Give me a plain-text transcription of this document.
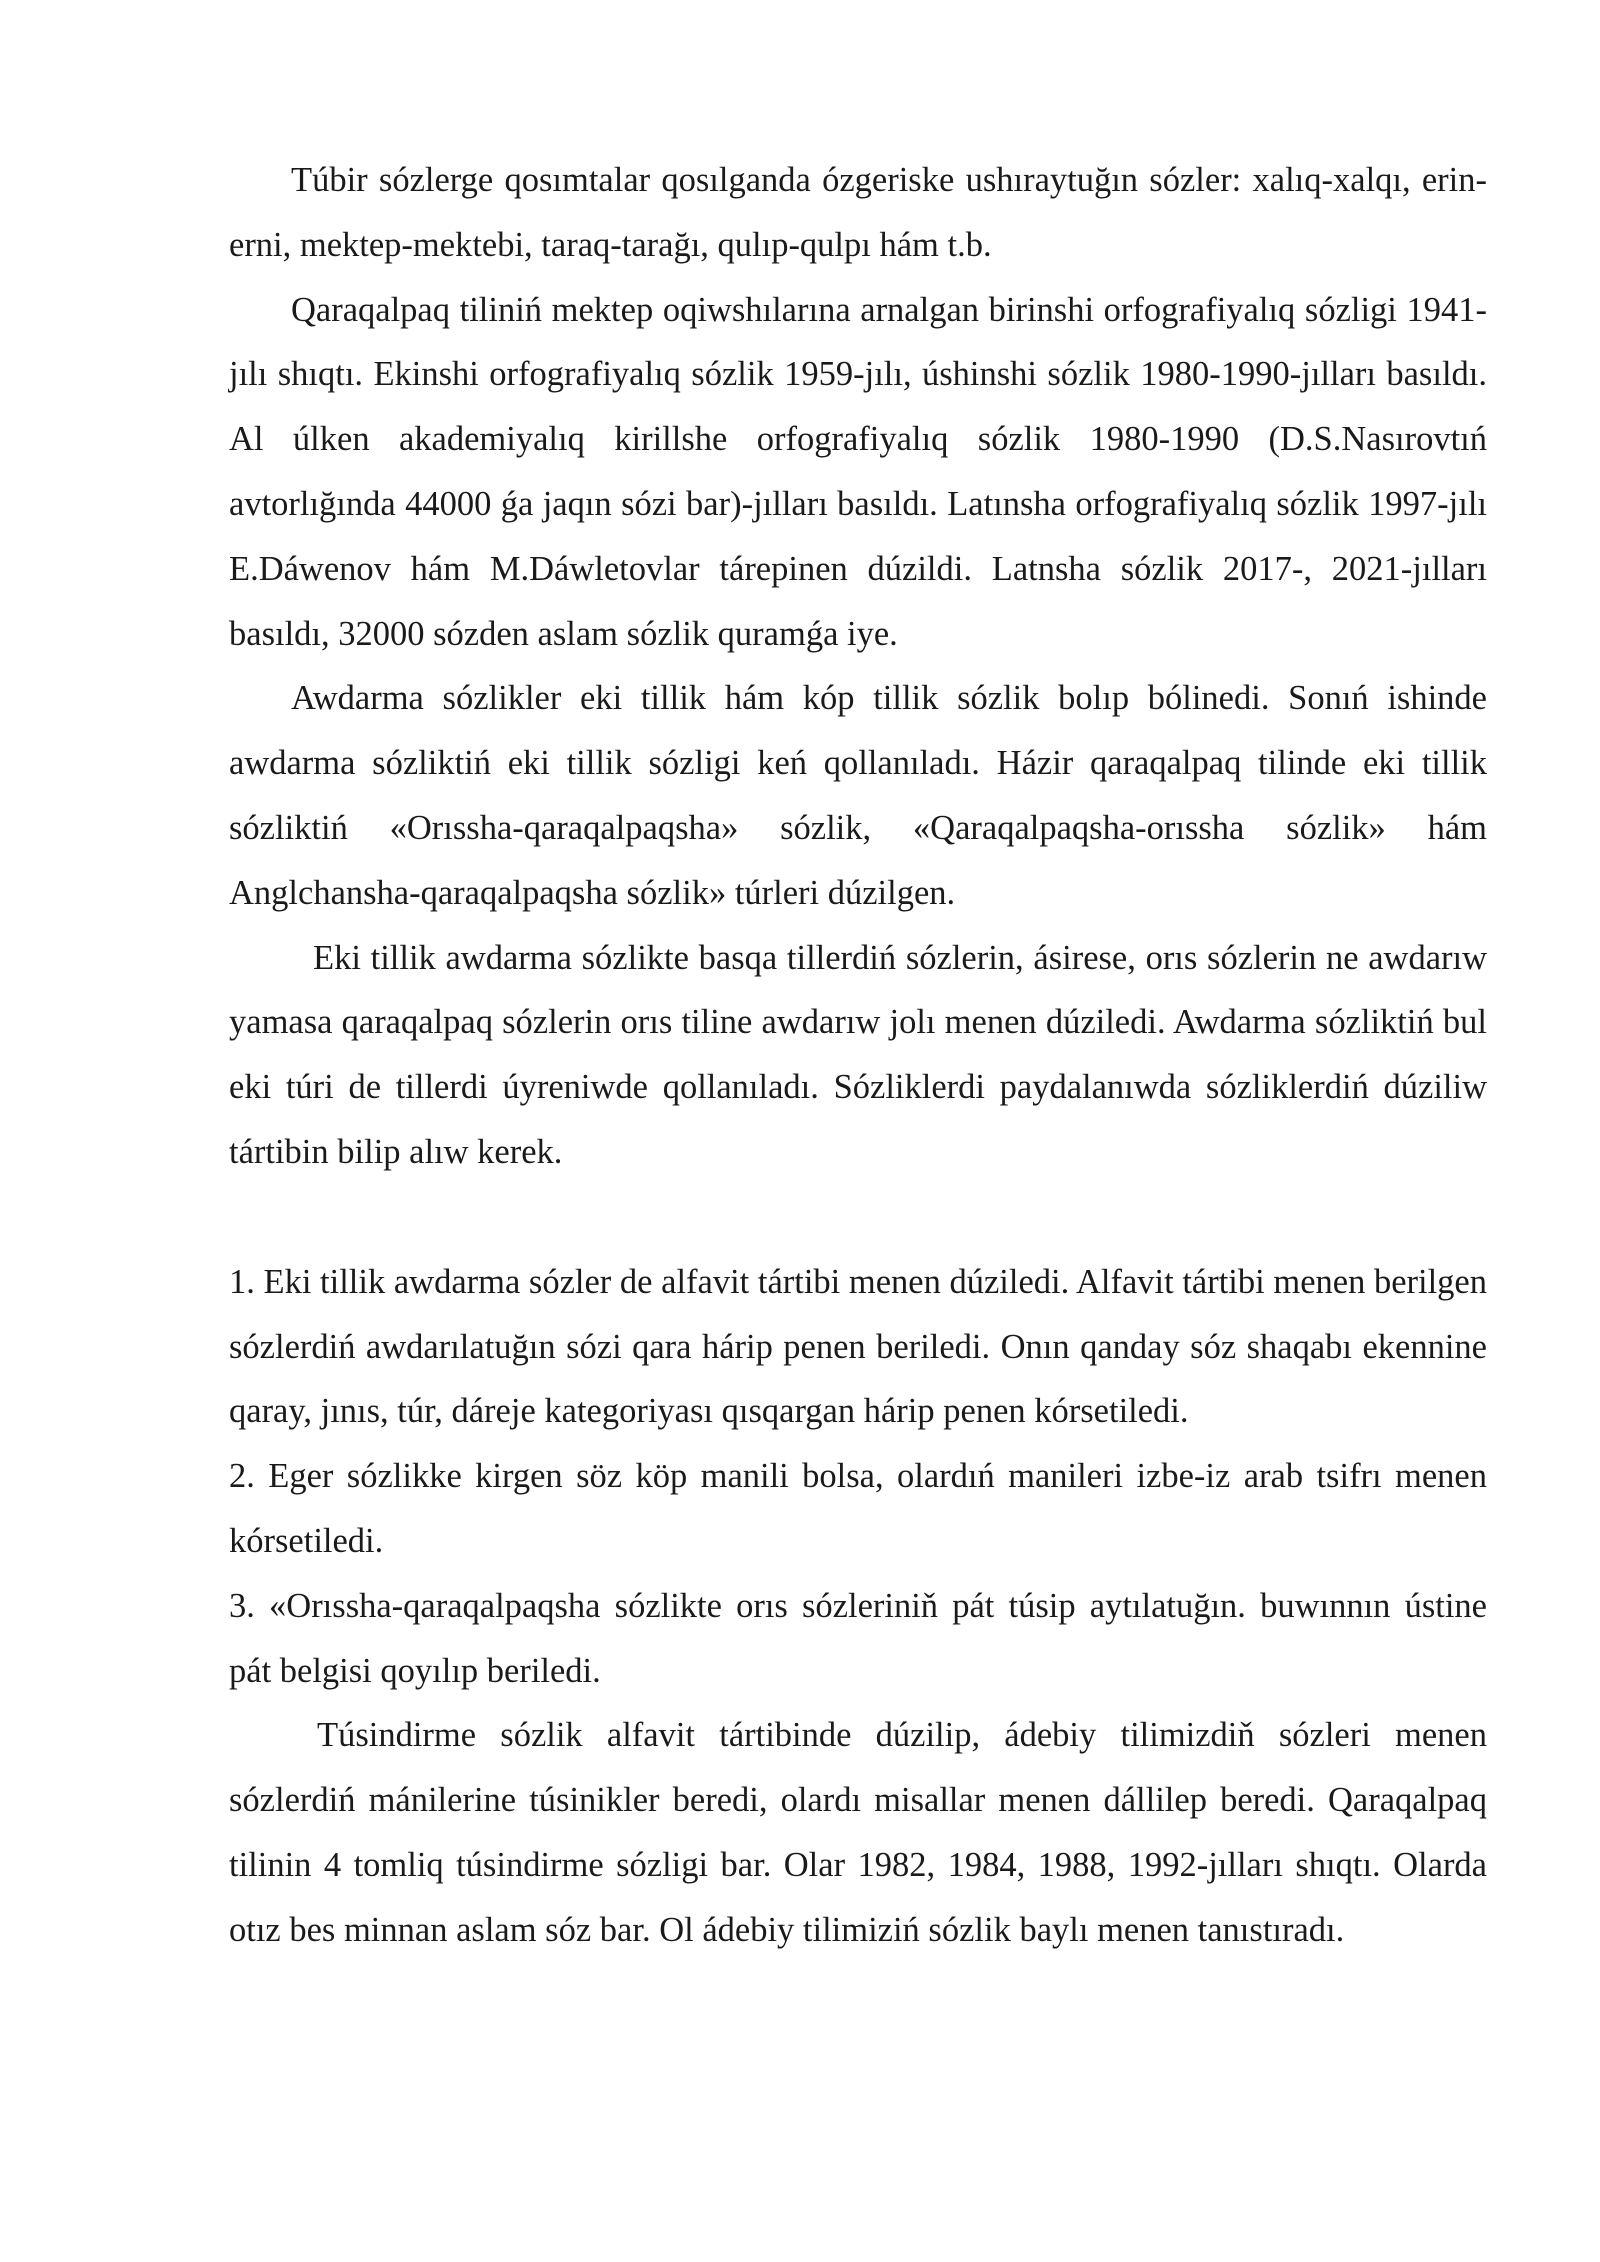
Túbir sózlerge qosımtalar qosılganda ózgeriske ushıraytuğın sózler: xalıq-xalqı, erin-erni, mektep-mektebi, taraq-tarağı, qulıp-qulpı hám t.b.

Qaraqalpaq tiliniń mektep oqiwshılarına arnalgan birinshi orfografiyalıq sózligi 1941-jılı shıqtı. Ekinshi orfografiyalıq sózlik 1959-jılı, úshinshi sózlik 1980-1990-jılları basıldı. Al úlken akademiyalıq kirillshe orfografiyalıq sózlik 1980-1990 (D.S.Nasırovtıń avtorlığında 44000 ǵa jaqın sózi bar)-jılları basıldı. Latınsha orfografiyalıq sózlik 1997-jılı E.Dáwenov hám M.Dáwletovlar tárepinen dúzildi. Latnsha sózlik 2017-, 2021-jılları basıldı, 32000 sózden aslam sózlik quramǵa iye.

Awdarma sózlikler eki tillik hám kóp tillik sózlik bolıp bólinedi. Sonıń ishinde awdarma sózliktiń eki tillik sózligi keń qollanıladı. Házir qaraqalpaq tilinde eki tillik sózliktiń «Orıssha-qaraqalpaqsha» sózlik, «Qaraqalpaqsha-orıssha sózlik» hám Anglchansha-qaraqalpaqsha sózlik» túrleri dúzilgen.

Eki tillik awdarma sózlikte basqa tillerdiń sózlerin, ásirese, orıs sózlerin ne awdarıw yamasa qaraqalpaq sózlerin orıs tiline awdarıw jolı menen dúziledi. Awdarma sózliktiń bul eki túri de tillerdi úyreniwde qollanıladı. Sózliklerdi paydalanıwda sózliklerdiń dúziliw tártibin bilip alıw kerek.

1. Eki tillik awdarma sózler de alfavit tártibi menen dúziledi. Alfavit tártibi menen berilgen sózlerdiń awdarılatuğın sózi qara hárip penen beriledi. Onın qanday sóz shaqabı ekennine qaray, jınıs, túr, dáreje kategoriyası qısqargan hárip penen kórsetiledi.

2. Eger sózlikke kirgen söz köp manili bolsa, olardıń manileri izbe-iz arab tsifrı menen kórsetiledi.

3. «Orıssha-qaraqalpaqsha sózlikte orıs sózleriniň pát túsip aytılatuğın. buwınnın ústine pát belgisi qoyılıp beriledi.

Túsindirme sózlik alfavit tártibinde dúzilip, ádebiy tilimizdiň sózleri menen sózlerdiń mánilerine túsinikler beredi, olardı misallar menen dállilep beredi. Qaraqalpaq tilinin 4 tomliq túsindirme sózligi bar. Olar 1982, 1984, 1988, 1992-jılları shıqtı. Olarda otız bes minnan aslam sóz bar. Ol ádebiy tilimiziń sózlik baylı menen tanıstıradı.
